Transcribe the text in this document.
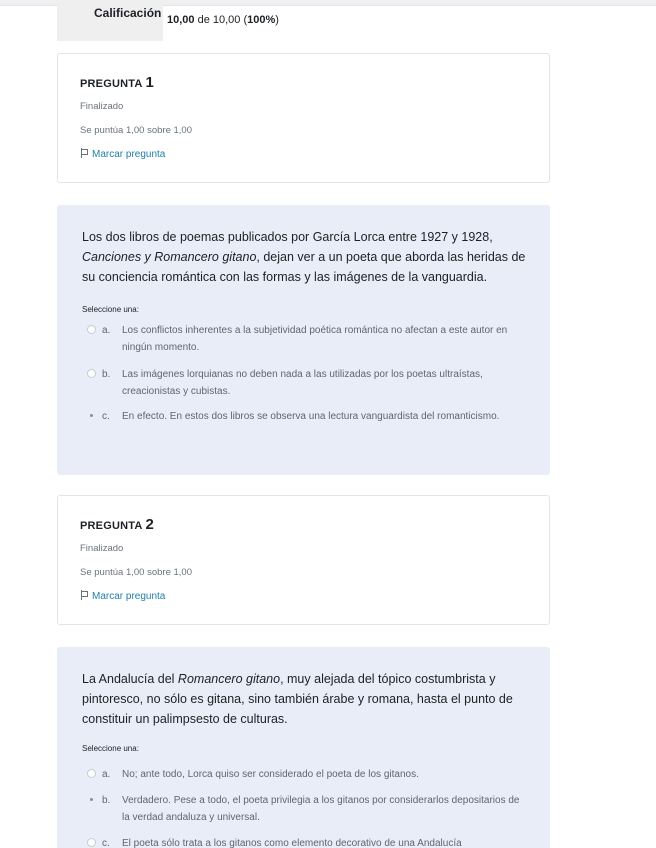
Calificación 10,00 de 10,00 (100%)
PREGUNTA 1
Finalizado
Se puntúa 1,00 sobre 1,00
Marcar pregunta
Los dos libros de poemas publicados por García Lorca entre 1927 y 1928, Canciones y Romancero gitano, dejan ver a un poeta que aborda las heridas de su conciencia romántica con las formas y las imágenes de la vanguardia.
Seleccione una:
a. Los conflictos inherentes a la subjetividad poética romántica no afectan a este autor en ningún momento.
b. Las imágenes lorquianas no deben nada a las utilizadas por los poetas ultraístas, creacionistas y cubistas.
c. En efecto. En estos dos libros se observa una lectura vanguardista del romanticismo.
PREGUNTA 2
Finalizado
Se puntúa 1,00 sobre 1,00
Marcar pregunta
La Andalucía del Romancero gitano, muy alejada del tópico costumbrista y pintoresco, no sólo es gitana, sino también árabe y romana, hasta el punto de constituir un palimpsesto de culturas.
Seleccione una:
a. No; ante todo, Lorca quiso ser considerado el poeta de los gitanos.
b. Verdadero. Pese a todo, el poeta privilegia a los gitanos por considerarlos depositarios de la verdad andaluza y universal.
c. El poeta sólo trata a los gitanos como elemento decorativo de una Andalucía
